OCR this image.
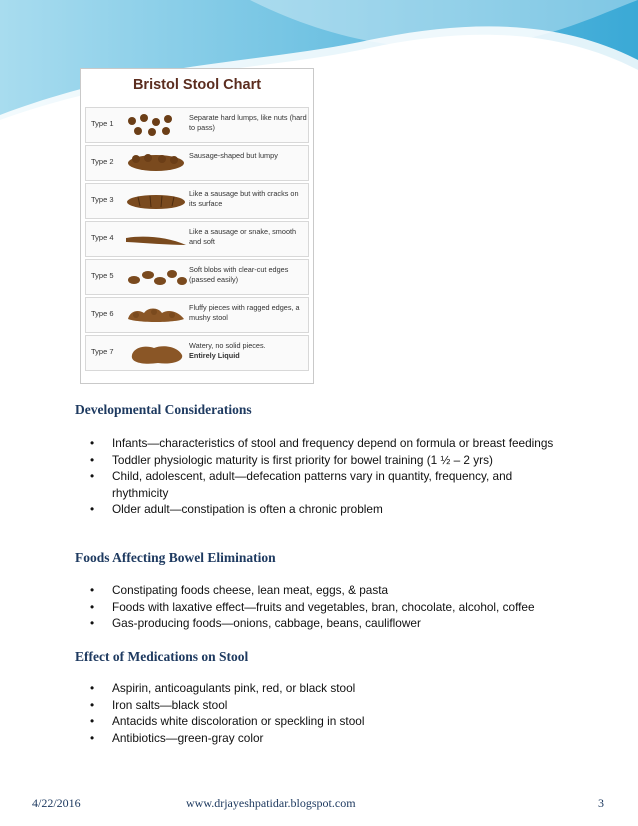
Bristol Stool Chart
Type 1
Separate hard lumps, like nuts (hard to pass)
Type 2
Sausage-shaped but lumpy
Type 3
Like a sausage but with cracks on its surface
Type 4
Like a sausage or snake, smooth and soft
Type 5
Soft blobs with clear-cut edges (passed easily)
Type 6
Fluffy pieces with ragged edges, a mushy stool
Type 7
Watery, no solid pieces.
Entirely Liquid
Developmental Considerations
• Infants—characteristics of stool and frequency depend on formula or breast feedings
• Toddler physiologic maturity is first priority for bowel training (1 ½ – 2 yrs)
• Child, adolescent, adult—defecation patterns vary in quantity, frequency, and rhythmicity
• Older adult—constipation is often a chronic problem
Foods Affecting Bowel Elimination
• Constipating foods cheese, lean meat, eggs, & pasta
• Foods with laxative effect—fruits and vegetables, bran, chocolate, alcohol, coffee
• Gas-producing foods—onions, cabbage, beans, cauliflower
Effect of Medications on Stool
• Aspirin, anticoagulants pink, red, or black stool
• Iron salts—black stool
• Antacids white discoloration or speckling in stool
• Antibiotics—green-gray color
4/22/2016	www.drjayeshpatidar.blogspot.com	3
